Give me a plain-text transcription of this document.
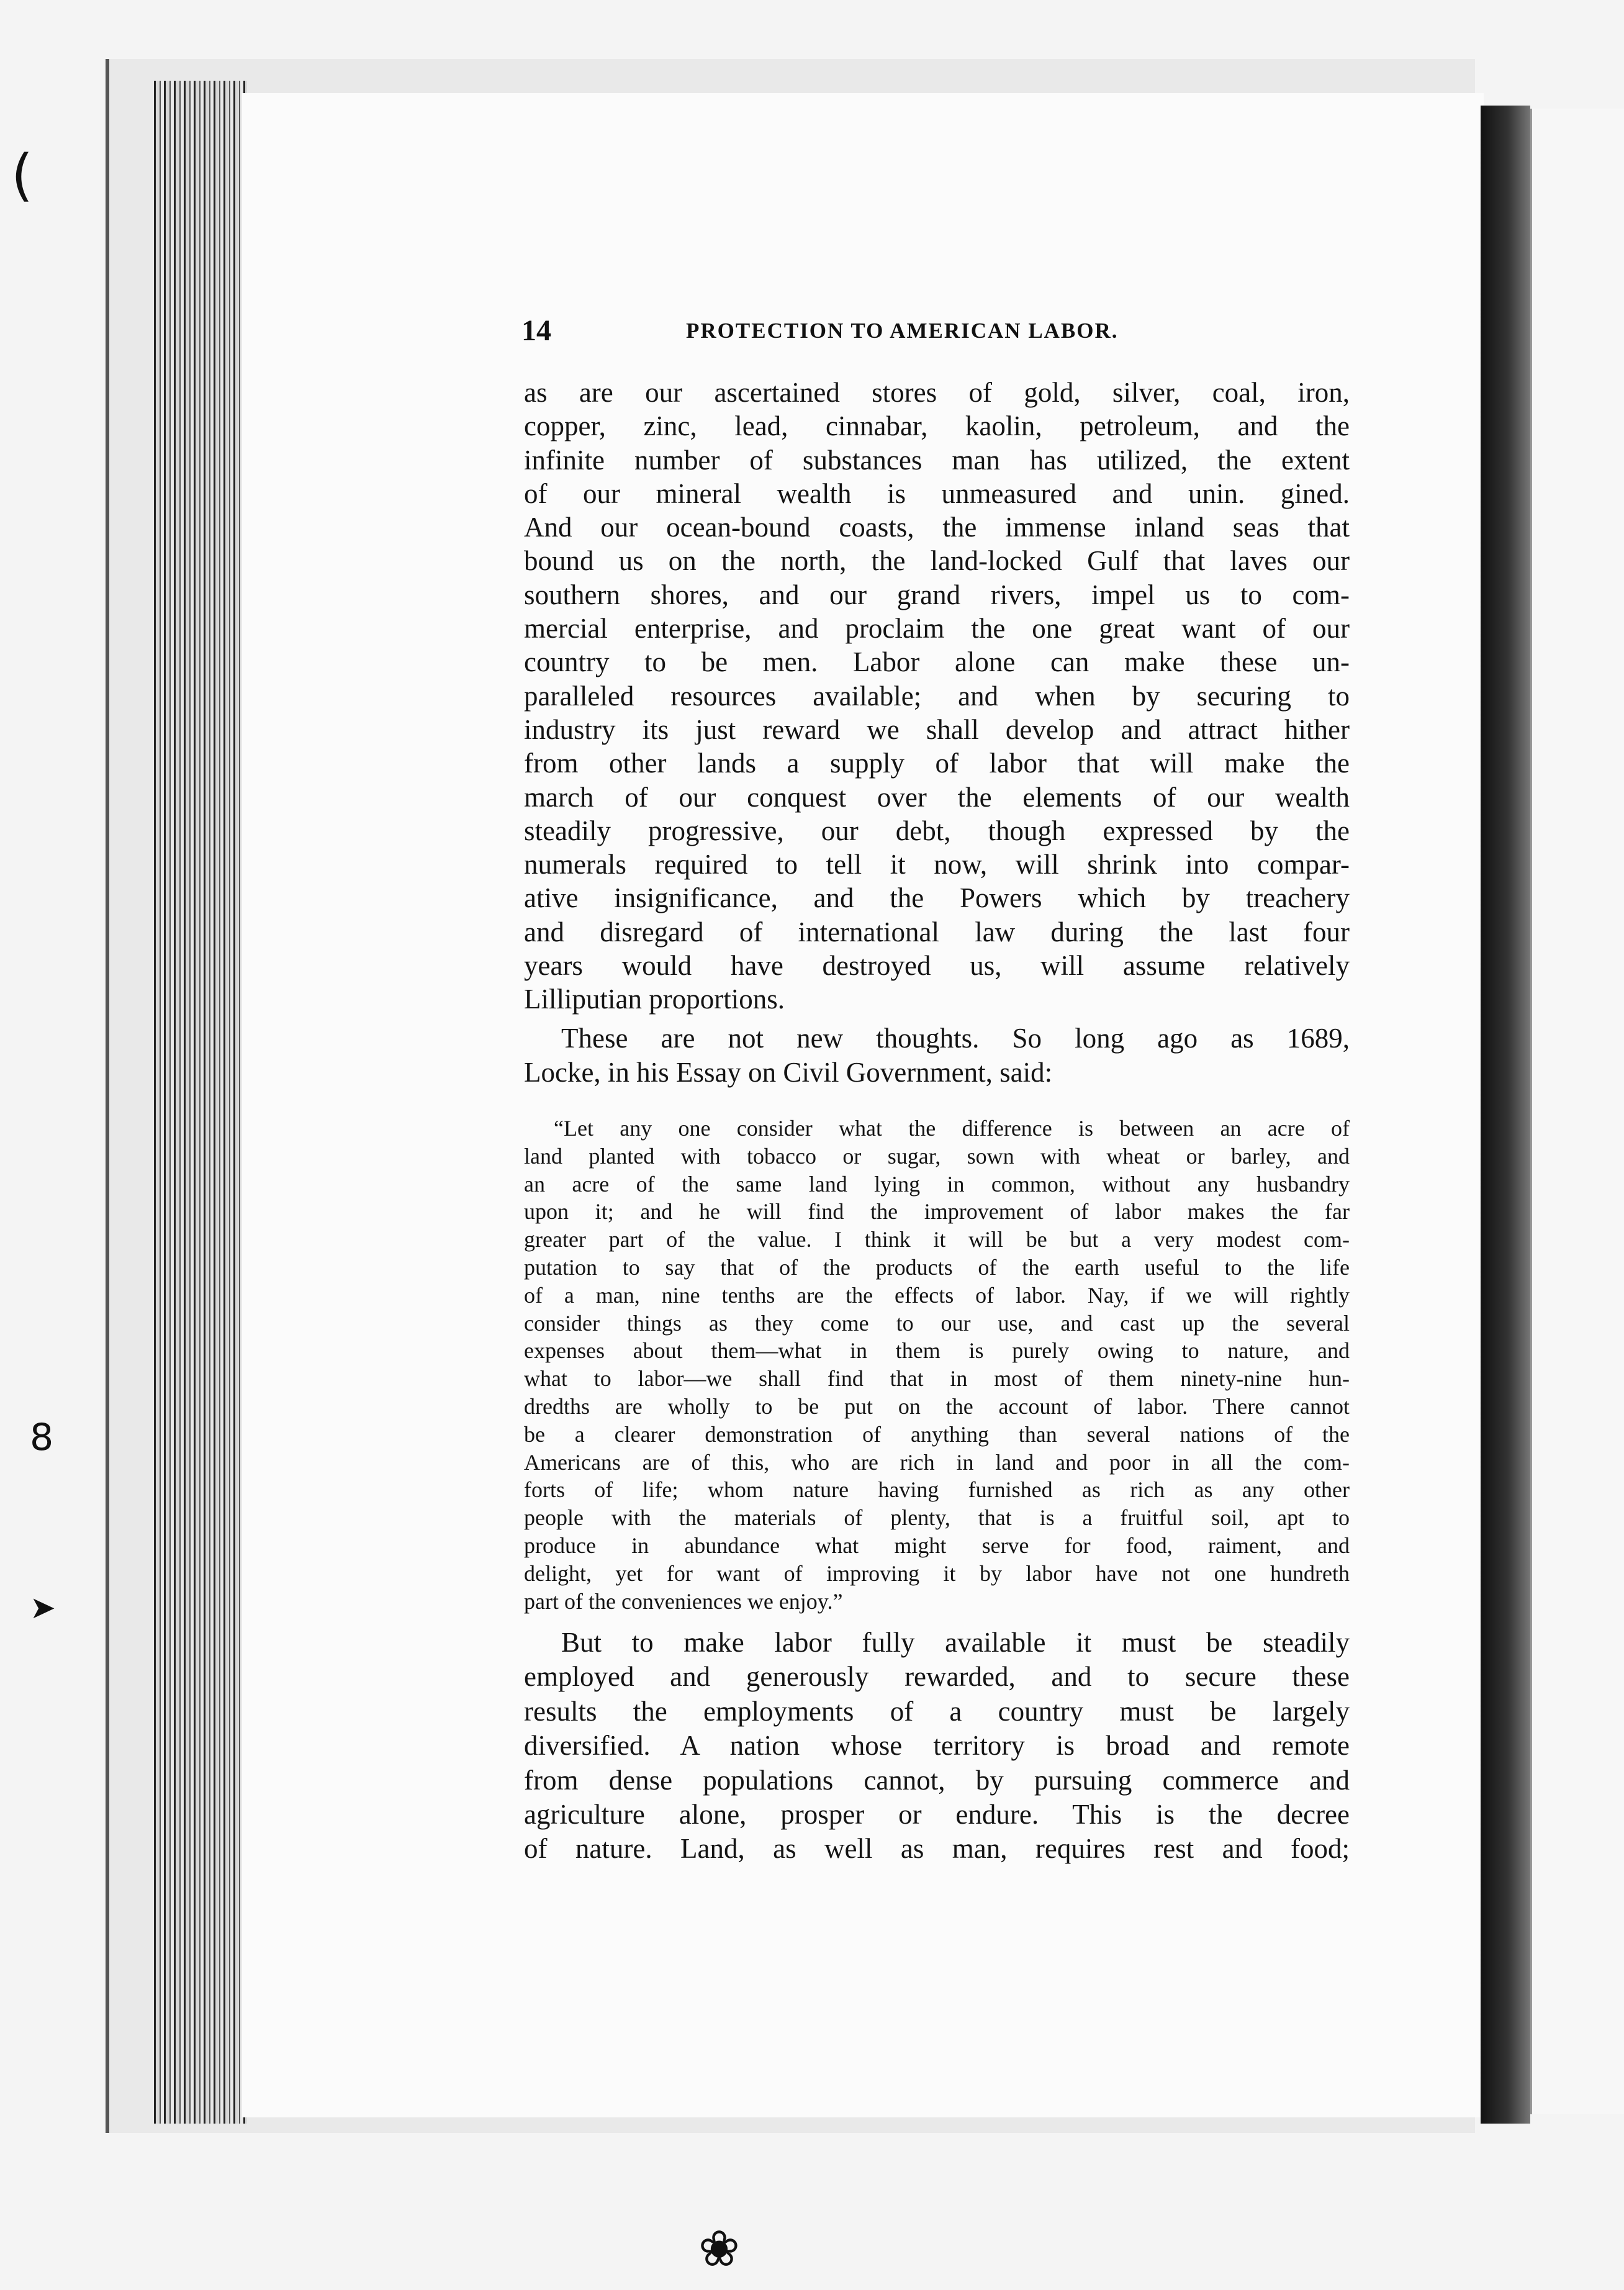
(
8
➤
❀
14	PROTECTION TO AMERICAN LABOR.
as are our ascertained stores of gold, silver, coal, iron,
copper, zinc, lead, cinnabar, kaolin, petroleum, and the
infinite number of substances man has utilized, the extent
of our mineral wealth is unmeasured and unin. gined.
And our ocean-bound coasts, the immense inland seas that
bound us on the north, the land-locked Gulf that laves our
southern shores, and our grand rivers, impel us to com-
mercial enterprise, and proclaim the one great want of our
country to be men. Labor alone can make these un-
paralleled resources available; and when by securing to
industry its just reward we shall develop and attract hither
from other lands a supply of labor that will make the
march of our conquest over the elements of our wealth
steadily progressive, our debt, though expressed by the
numerals required to tell it now, will shrink into compar-
ative insignificance, and the Powers which by treachery
and disregard of international law during the last four
years would have destroyed us, will assume relatively
Lilliputian proportions.
These are not new thoughts. So long ago as 1689,
Locke, in his Essay on Civil Government, said:
“Let any one consider what the difference is between an acre of
land planted with tobacco or sugar, sown with wheat or barley, and
an acre of the same land lying in common, without any husbandry
upon it; and he will find the improvement of labor makes the far
greater part of the value. I think it will be but a very modest com-
putation to say that of the products of the earth useful to the life
of a man, nine tenths are the effects of labor. Nay, if we will rightly
consider things as they come to our use, and cast up the several
expenses about them—what in them is purely owing to nature, and
what to labor—we shall find that in most of them ninety-nine hun-
dredths are wholly to be put on the account of labor. There cannot
be a clearer demonstration of anything than several nations of the
Americans are of this, who are rich in land and poor in all the com-
forts of life; whom nature having furnished as rich as any other
people with the materials of plenty, that is a fruitful soil, apt to
produce in abundance what might serve for food, raiment, and
delight, yet for want of improving it by labor have not one hundreth
part of the conveniences we enjoy.”
But to make labor fully available it must be steadily
employed and generously rewarded, and to secure these
results the employments of a country must be largely
diversified. A nation whose territory is broad and remote
from dense populations cannot, by pursuing commerce and
agriculture alone, prosper or endure. This is the decree
of nature. Land, as well as man, requires rest and food;
